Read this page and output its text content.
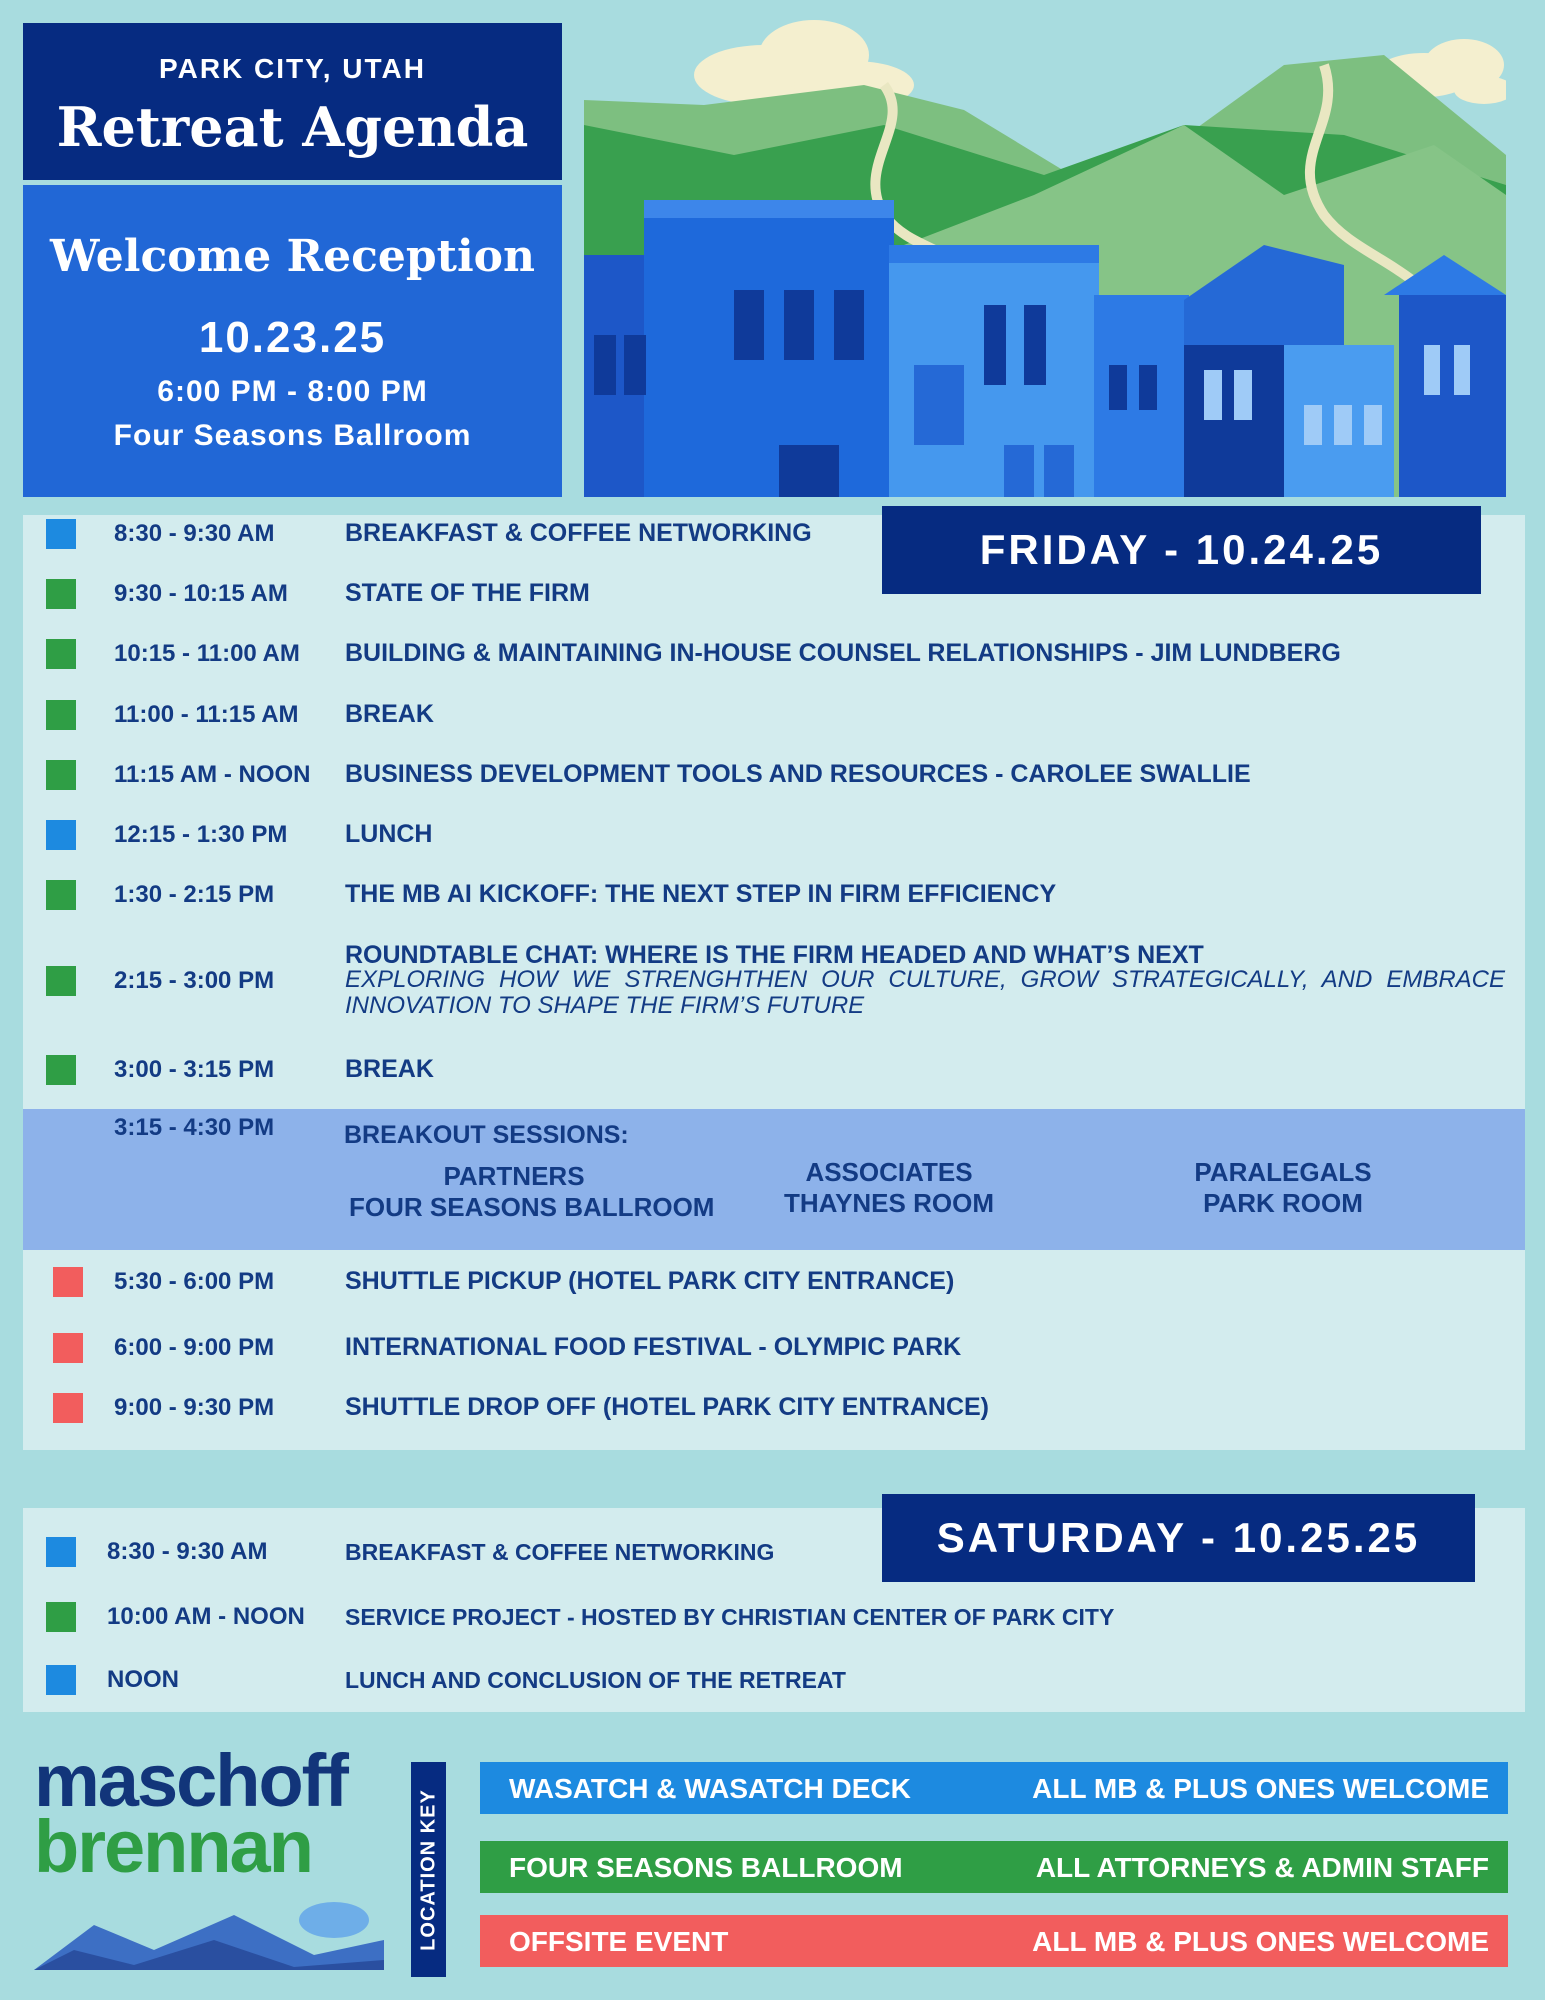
PARK CITY, UTAH
Retreat Agenda
Welcome Reception
10.23.25
6:00 PM - 8:00 PM
Four Seasons Ballroom
FRIDAY - 10.24.25
3:15 - 4:30 PM	BREAKOUT SESSIONS:
PARTNERS
FOUR SEASONS BALLROOM
ASSOCIATES
THAYNES ROOM
PARALEGALS
PARK ROOM
SATURDAY - 10.25.25
maschoff
brennan	LOCATION KEY
8:30 - 9:30 AM	BREAKFAST & COFFEE NETWORKING
9:30 - 10:15 AM STATE OF THE FIRM
10:15 - 11:00 AM BUILDING & MAINTAINING IN-HOUSE COUNSEL RELATIONSHIPS - JIM LUNDBERG
11:00 - 11:15 AM BREAK
11:15 AM - NOON BUSINESS DEVELOPMENT TOOLS AND RESOURCES - CAROLEE SWALLIE
12:15 - 1:30 PM LUNCH
1:30 - 2:15 PM	THE MB AI KICKOFF: THE NEXT STEP IN FIRM EFFICIENCY
2:15 - 3:00 PM
ROUNDTABLE CHAT: WHERE IS THE FIRM HEADED AND WHAT’S NEXT
EXPLORING HOW WE STRENGHTHEN OUR CULTURE, GROW STRATEGICALLY, AND EMBRACE INNOVATION TO SHAPE THE FIRM’S FUTURE
3:00 - 3:15 PM	BREAK
5:30 - 6:00 PM	SHUTTLE PICKUP (HOTEL PARK CITY ENTRANCE)
6:00 - 9:00 PM	INTERNATIONAL FOOD FESTIVAL - OLYMPIC PARK
9:00 - 9:30 PM	SHUTTLE DROP OFF (HOTEL PARK CITY ENTRANCE)
8:30 - 9:30 AM	BREAKFAST & COFFEE NETWORKING
10:00 AM - NOON SERVICE PROJECT - HOSTED BY CHRISTIAN CENTER OF PARK CITY
NOON	LUNCH AND CONCLUSION OF THE RETREAT
WASATCH & WASATCH DECK	ALL MB & PLUS ONES WELCOME
FOUR SEASONS BALLROOM	ALL ATTORNEYS & ADMIN STAFF
OFFSITE EVENT	ALL MB & PLUS ONES WELCOME
